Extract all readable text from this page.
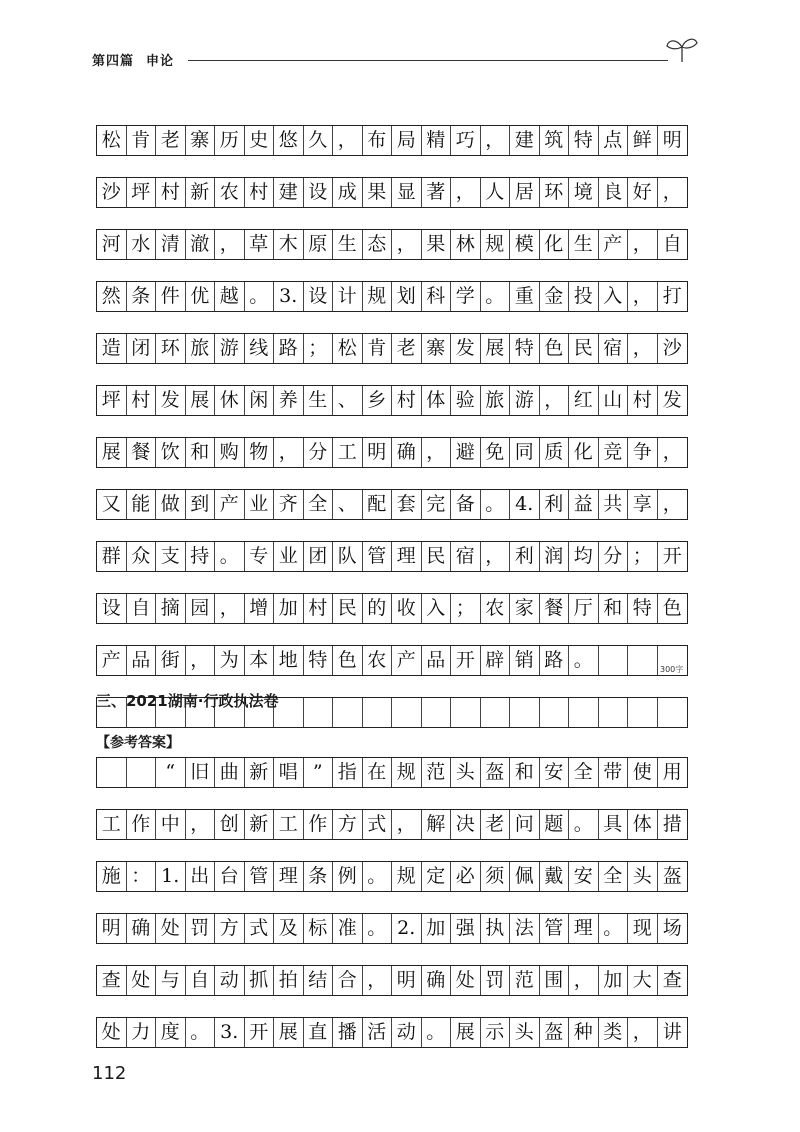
第四篇 申论
松 肯 老 寨 历 史 悠 久 ， 布 局 精 巧 ， 建 筑 特 点 鲜 明
沙 坪 村 新 农 村 建 设 成 果 显 著 ， 人 居 环 境 良 好 ，
河 水 清 澈 ， 草 木 原 生 态 ， 果 林 规 模 化 生 产 ， 自
然 条 件 优 越 。 3. 设 计 规 划 科 学 。 重 金 投 入 ， 打
造 闭 环 旅 游 线 路 ； 松 肯 老 寨 发 展 特 色 民 宿 ， 沙
坪 村 发 展 休 闲 养 生 、 乡 村 体 验 旅 游 ， 红 山 村 发
展 餐 饮 和 购 物 ， 分 工 明 确 ， 避 免 同 质 化 竞 争 ，
又 能 做 到 产 业 齐 全 、 配 套 完 备 。 4. 利 益 共 享 ，
群 众 支 持 。 专 业 团 队 管 理 民 宿 ， 利 润 均 分 ； 开
设 自 摘 园 ， 增 加 村 民 的 收 入 ； 农 家 餐 厅 和 特 色
产 品 街 ， 为 本 地 特 色 农 产 品 开 辟 销 路 。	300字
三、2021湖南·行政执法卷
【参考答案】

“ 旧 曲 新 唱 ” 指 在 规 范 头 盔 和 安 全 带 使 用
工 作 中 ， 创 新 工 作 方 式 ， 解 决 老 问 题 。 具 体 措
施 ： 1. 出 台 管 理 条 例 。 规 定 必 须 佩 戴 安 全 头 盔
明 确 处 罚 方 式 及 标 准 。 2. 加 强 执 法 管 理 。 现 场
查 处 与 自 动 抓 拍 结 合 ， 明 确 处 罚 范 围 ， 加 大 查
处 力 度 。 3. 开 展 直 播 活 动 。 展 示 头 盔 种 类 ， 讲
112
